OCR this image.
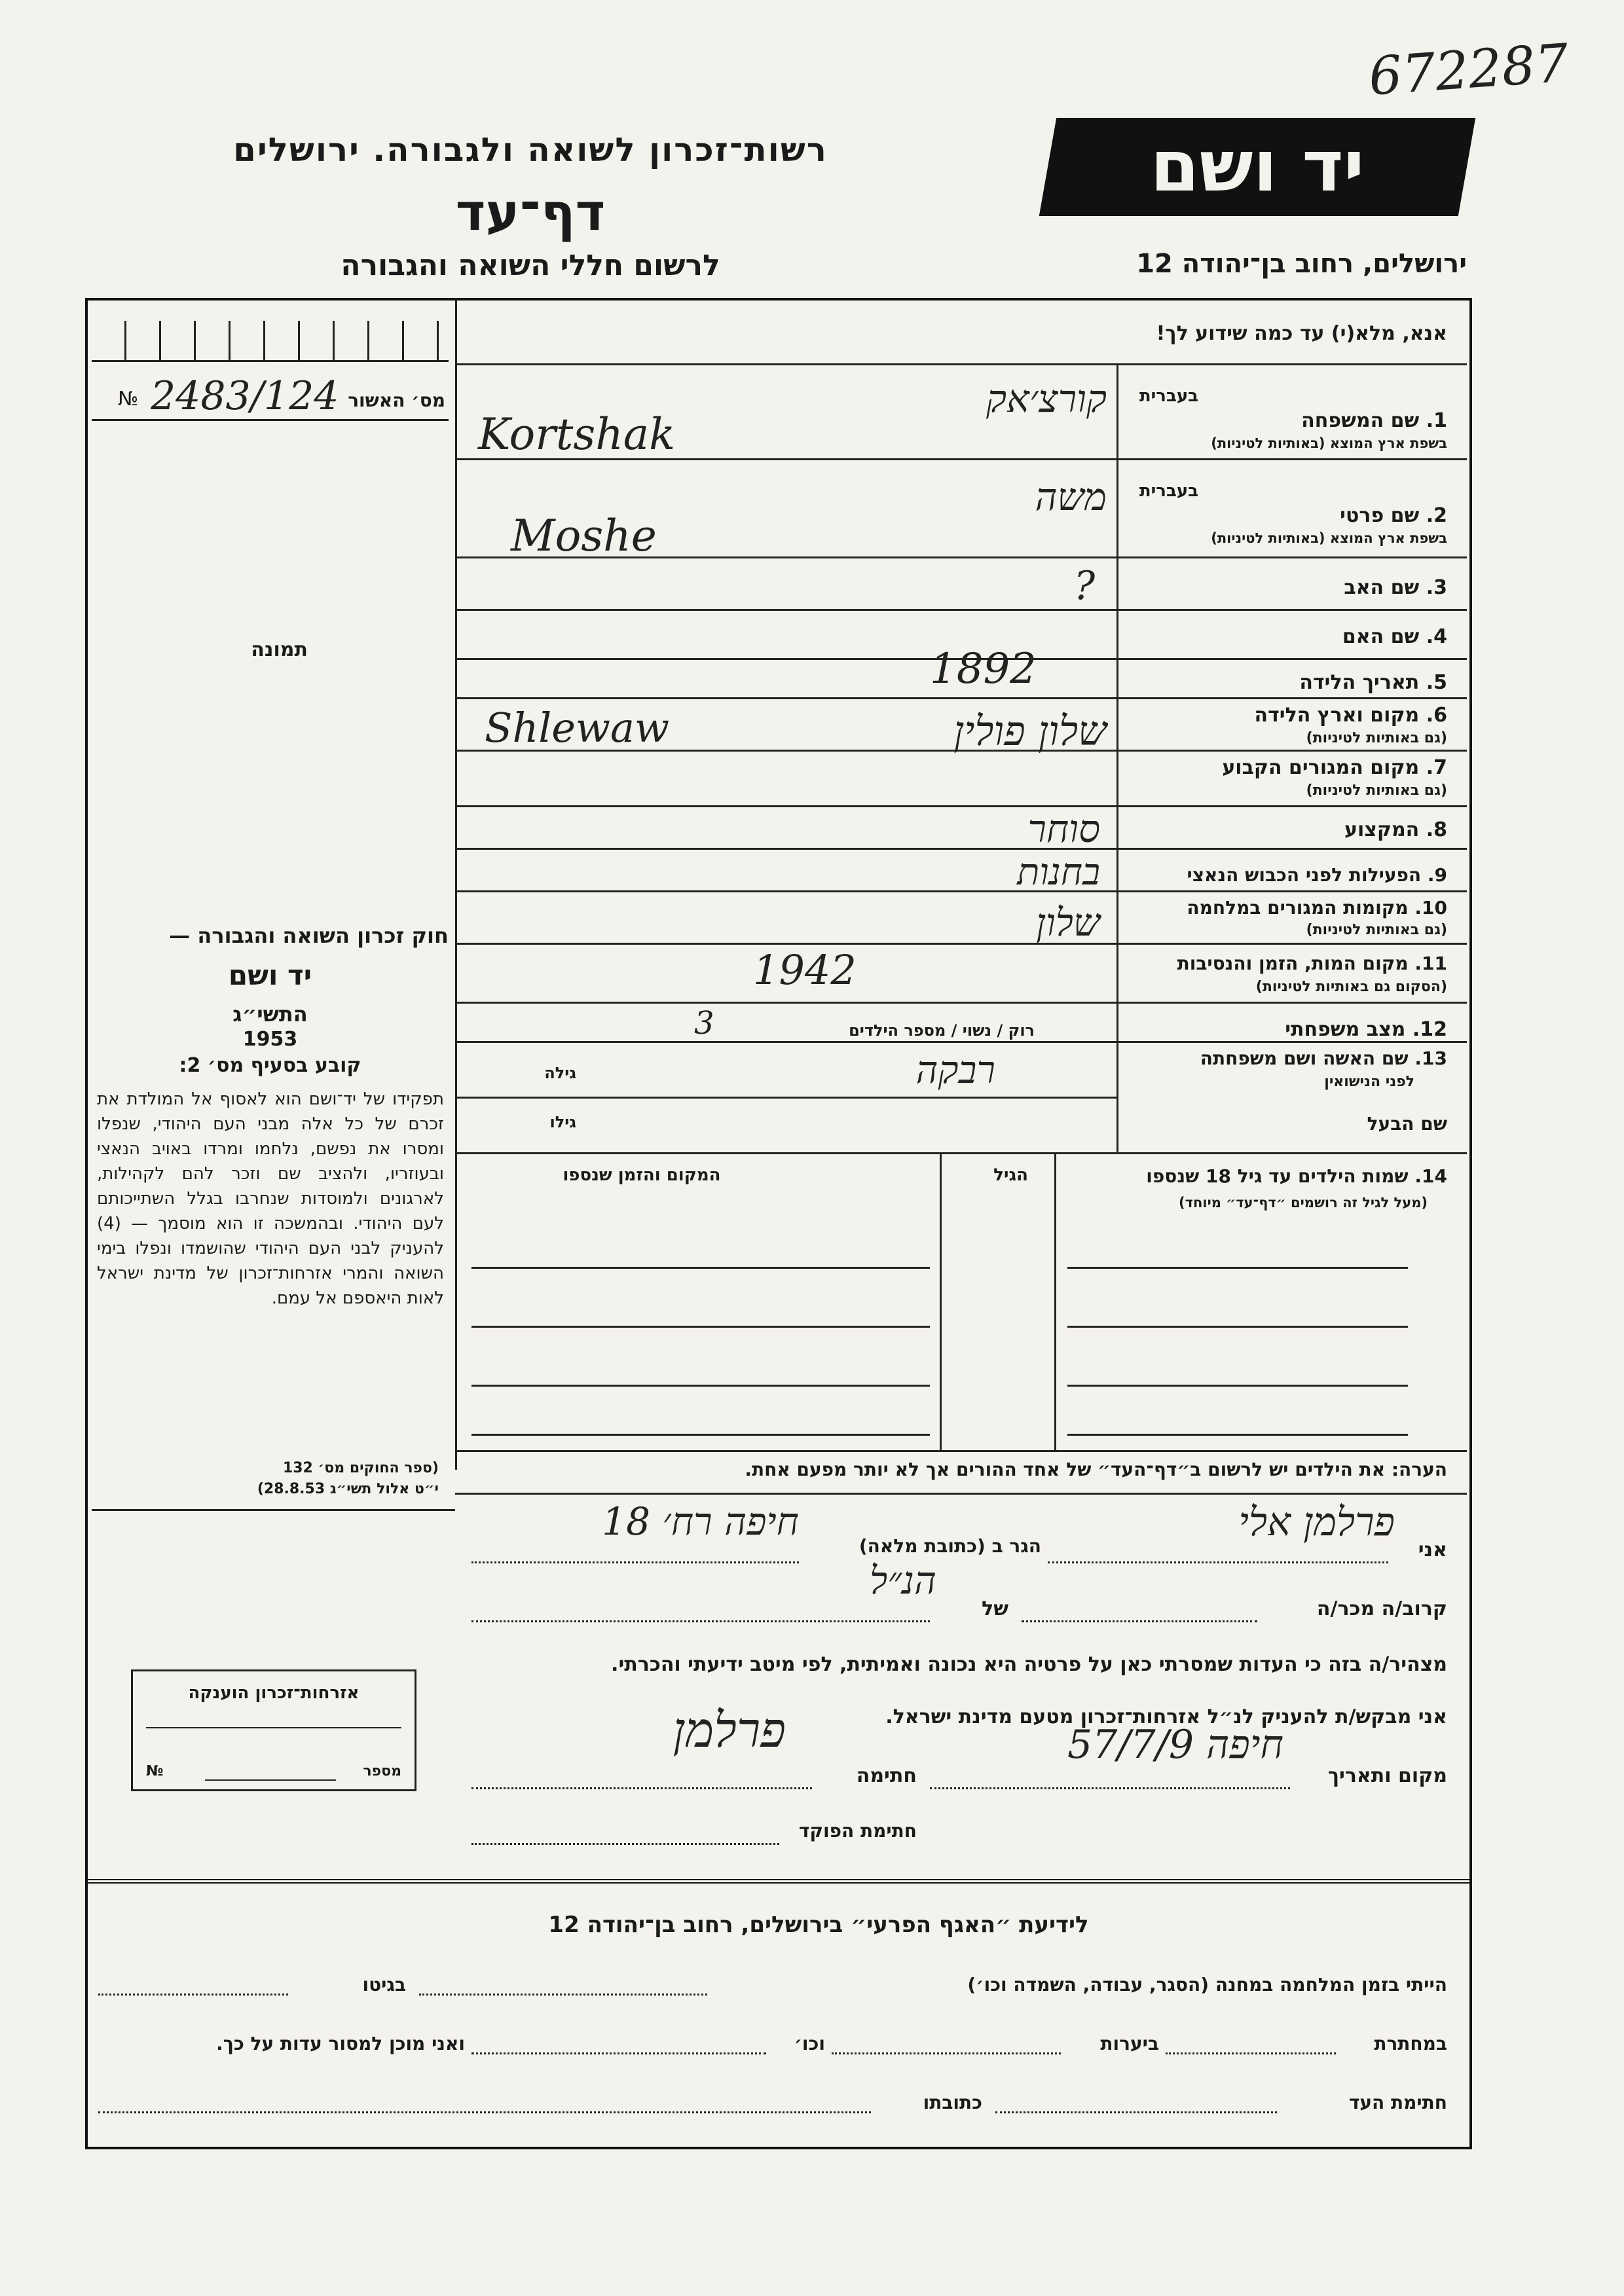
672287
רשות־זכרון לשואה ולגבורה. ירושלים
דף־עד
לרשום חללי השואה והגבורה
יד ושם
ירושלים, רחוב בן־יהודה 12
מס׳ האשור
№ 2483/124
תמונה
חוק זכרון השואה והגבורה —
יד ושם
התשי״ג
1953
קובע בסעיף מס׳ 2:
תפקידו של יד־ושם הוא לאסוף אל המולדת את זכרם של כל אלה מבני העם היהודי, שנפלו ומסרו את נפשם, נלחמו ומרדו באויב הנאצי ובעוזריו, ולהציב שם וזכר להם לקהילות, לארגונים ולמוסדות שנחרבו בגלל השתייכותם לעם היהודי. ובהמשכה זו הוא מוסמך — (4) להעניק לבני העם היהודי שהושמדו ונפלו בימי השואה והמרי אזרחות־זכרון של מדינת ישראל לאות היאספם אל עמם.
(ספר החוקים מס׳ 132
י״ט אלול תשי״ג 28.8.53)
אזרחות־זכרון הוענקה
№	מספר
אנא, מלא(י) עד כמה שידוע לך!
בעברית
1. שם המשפחה
בשפת ארץ המוצא (באותיות לטיניות)
בעברית
2. שם פרטי
בשפת ארץ המוצא (באותיות לטיניות)
3. שם האב
4. שם האם
5. תאריך הלידה
6. מקום וארץ הלידה
(גם באותיות לטיניות)
7. מקום המגורים הקבוע
(גם באותיות לטיניות)
8. המקצוע
9. הפעילות לפני הכבוש הנאצי
10. מקומות המגורים במלחמה
(גם באותיות לטיניות)
11. מקום המות, הזמן והנסיבות
(הסקום גם באותיות לטיניות)
12. מצב משפחתי
רוק / נשוי / מספר הילדים
13. שם האשה ושם משפחתה
לפני הנישואין
גילה
שם הבעל
גילו
קורצ׳אק
Kortshak
משה
Moshe
?
1892
שלון פולין
Shlewaw
סוחר
בחנות
שלון
1942
3
רבקה
14. שמות הילדים עד גיל 18 שנספו
(מעל לגיל זה רושמים ״דף־עד״ מיוחד)
הגיל
המקום והזמן שנספו
הערה: את הילדים יש לרשום ב״דף־העד״ של אחד ההורים אך לא יותר מפעם אחת.
אני
פרלמן אלי
הגר ב (כתובת מלאה)
חיפה רח׳ 18
קרוב/ה מכר/ה
של
הנ״ל
מצהיר/ה בזה כי העדות שמסרתי כאן על פרטיה היא נכונה ואמיתית, לפי מיטב ידיעתי והכרתי.
אני מבקש/ת להעניק לנ״ל אזרחות־זכרון מטעם מדינת ישראל.
מקום ותאריך
חיפה 57/7/9
חתימה
פרלמן
חתימת הפוקד
לידיעת ״האגף הפרעי״ בירושלים, רחוב בן־יהודה 12
הייתי בזמן המלחמה במחנה (הסגר, עבודה, השמדה וכו׳)
בגיטו
במחתרת
ביערות
וכו׳
ואני מוכן למסור עדות על כך.
חתימת העד
כתובתו
